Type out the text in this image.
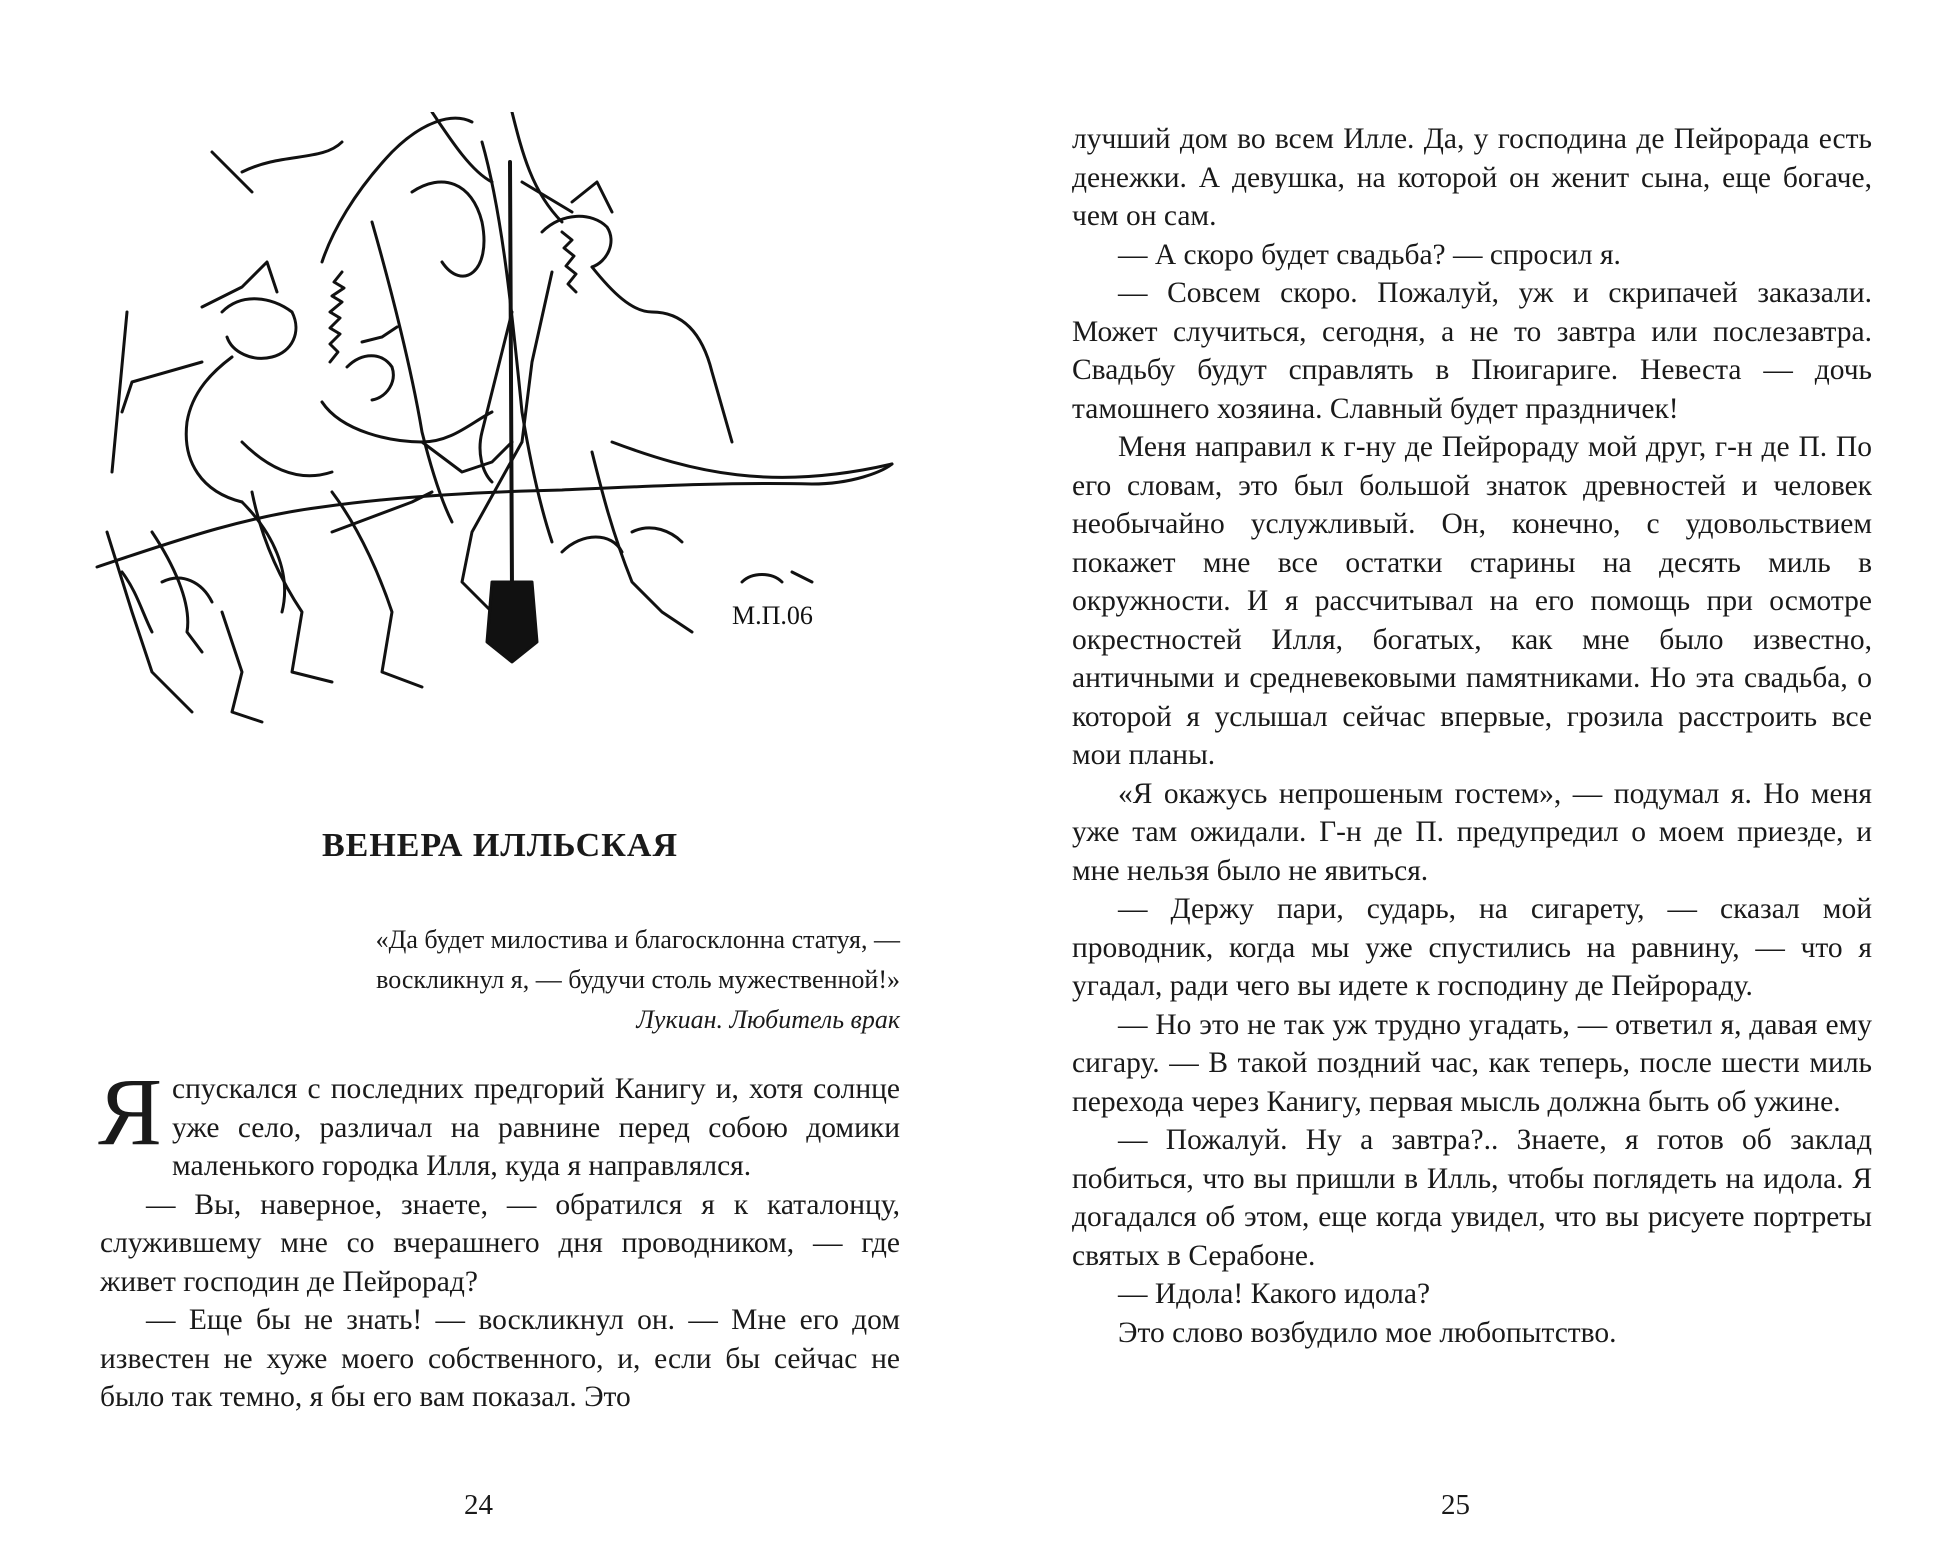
М.П.06
ВЕНЕРА ИЛЛЬСКАЯ
«Да будет милостива и благосклонна статуя, —
воскликнул я, — будучи столь мужественной!»
Лукиан. Любитель врак

Яспускался с последних предгорий Канигу и, хотя солнце уже село, различал на равнине перед собою домики маленького городка Илля, куда я направлялся.

— Вы, наверное, знаете, — обратился я к каталонцу, служившему мне со вчерашнего дня проводником, — где живет господин де Пейрорад?

— Еще бы не знать! — воскликнул он. — Мне его дом известен не хуже моего собственного, и, если бы сейчас не было так темно, я бы его вам показал. Это

24

лучший дом во всем Илле. Да, у господина де Пейрорада есть денежки. А девушка, на которой он женит сына, еще богаче, чем он сам.

— А скоро будет свадьба? — спросил я.

— Совсем скоро. Пожалуй, уж и скрипачей заказали. Может случиться, сегодня, а не то завтра или послезавтра. Свадьбу будут справлять в Пюигариге. Невеста — дочь тамошнего хозяина. Славный будет праздничек!

Меня направил к г-ну де Пейрораду мой друг, г-н де П. По его словам, это был большой знаток древностей и человек необычайно услужливый. Он, конечно, с удовольствием покажет мне все остатки старины на десять миль в окружности. И я рассчитывал на его помощь при осмотре окрестностей Илля, богатых, как мне было известно, античными и средневековыми памятниками. Но эта свадьба, о которой я услышал сейчас впервые, грозила расстроить все мои планы.

«Я окажусь непрошеным гостем», — подумал я. Но меня уже там ожидали. Г-н де П. предупредил о моем приезде, и мне нельзя было не явиться.

— Держу пари, сударь, на сигарету, — сказал мой проводник, когда мы уже спустились на равнину, — что я угадал, ради чего вы идете к господину де Пейрораду.

— Но это не так уж трудно угадать, — ответил я, давая ему сигару. — В такой поздний час, как теперь, после шести миль перехода через Канигу, первая мысль должна быть об ужине.

— Пожалуй. Ну а завтра?.. Знаете, я готов об заклад побиться, что вы пришли в Илль, чтобы поглядеть на идола. Я догадался об этом, еще когда увидел, что вы рисуете портреты святых в Серабоне.

— Идола! Какого идола?

Это слово возбудило мое любопытство.

25
